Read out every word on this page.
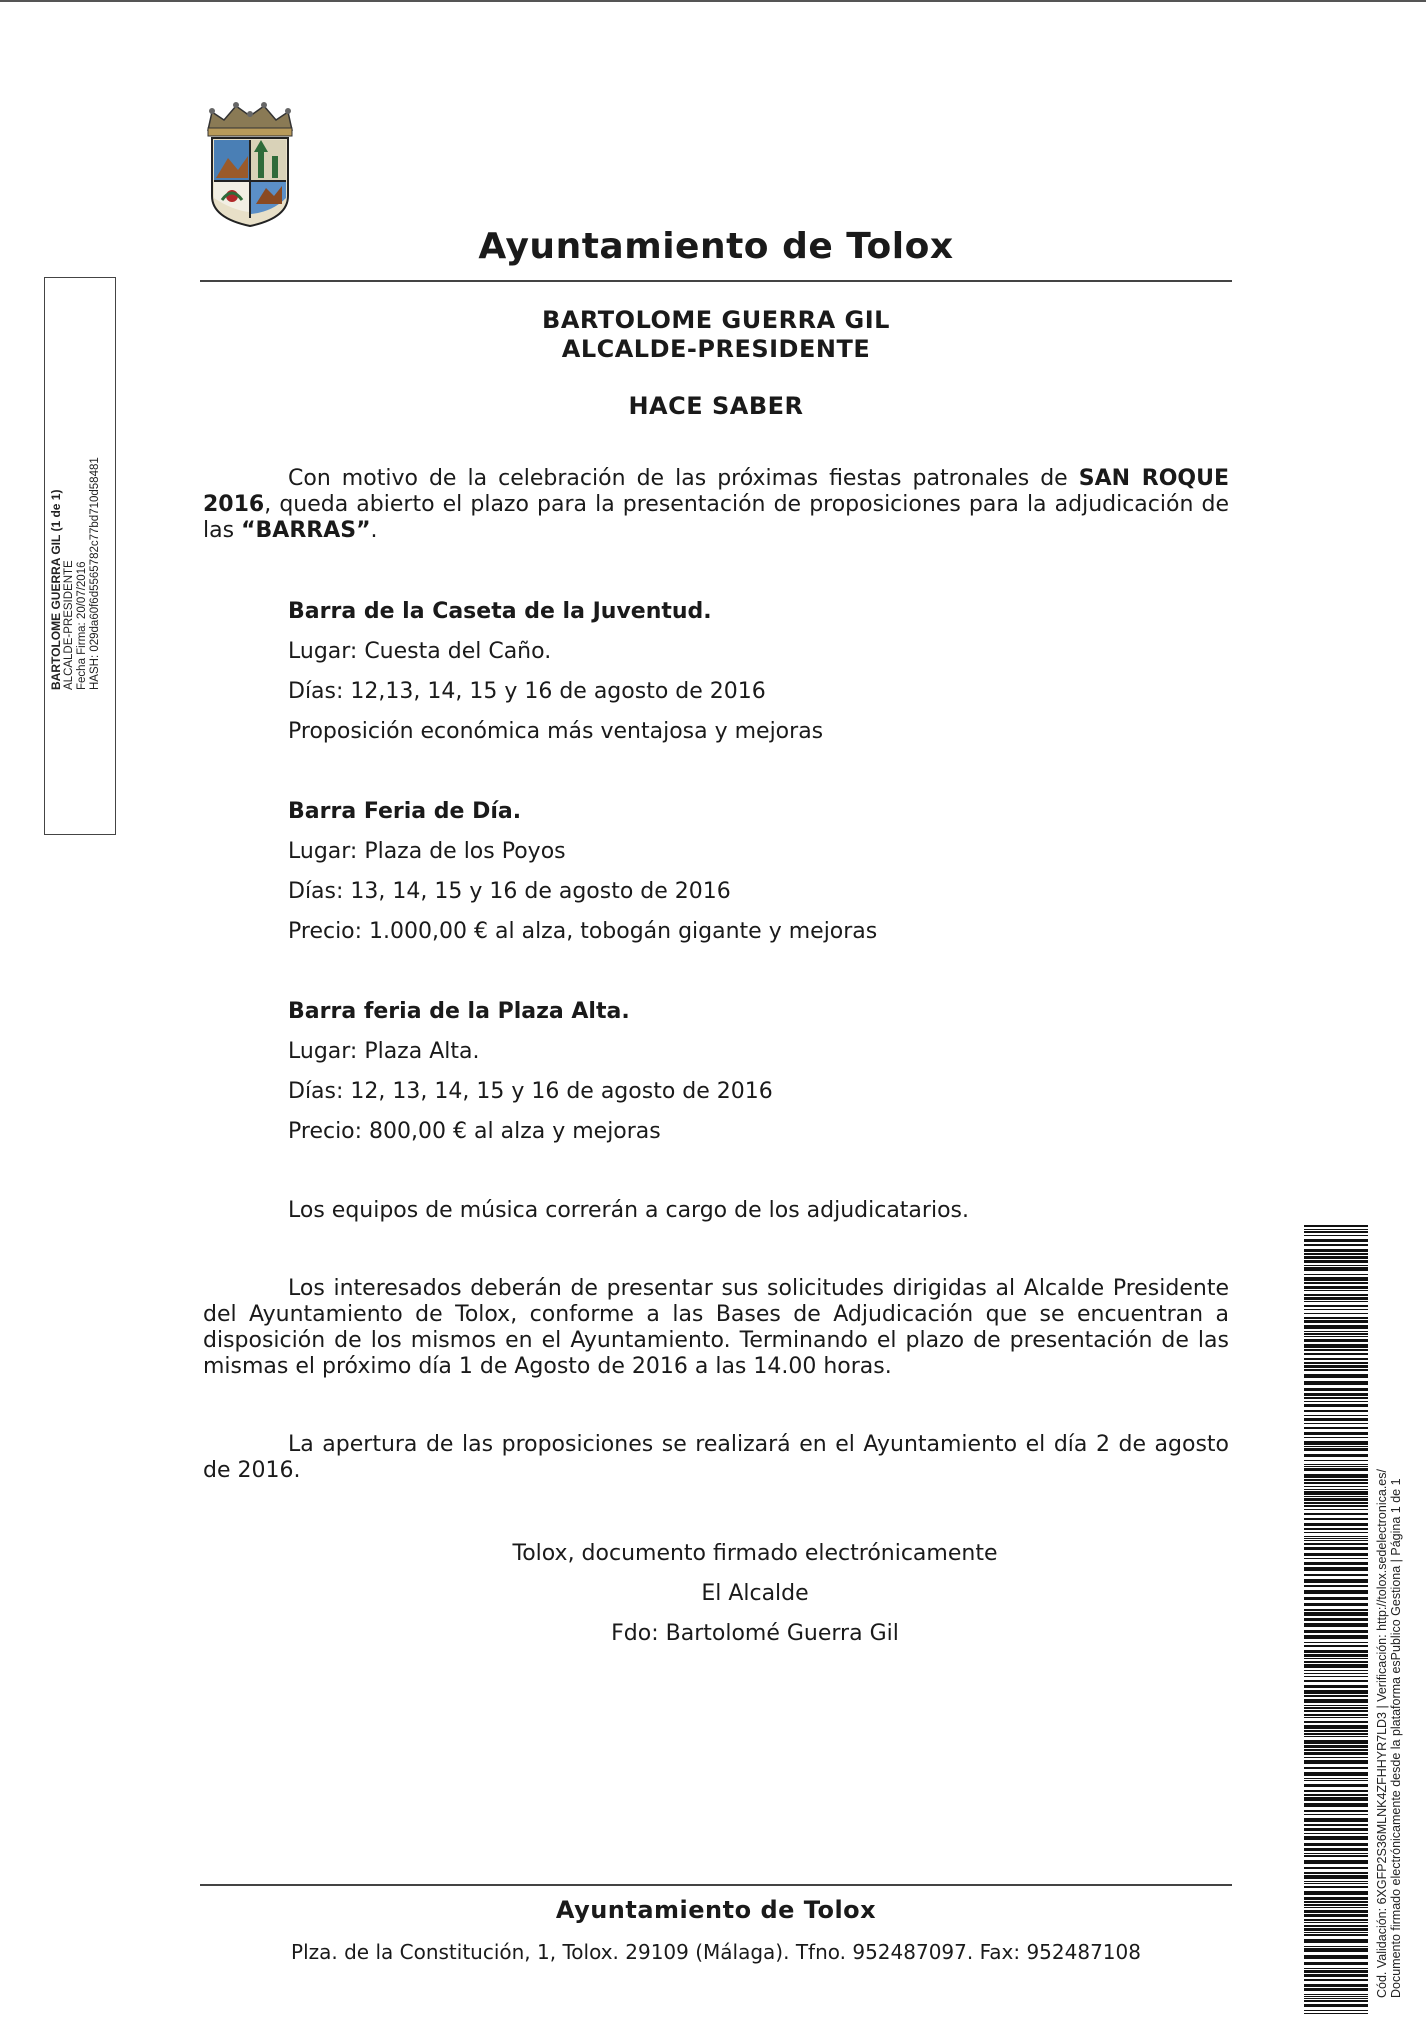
Ayuntamiento de Tolox
BARTOLOME GUERRA GIL
ALCALDE-PRESIDENTE
HACE SABER
Con motivo de la celebración de las próximas fiestas patronales de SAN ROQUE 2016, queda abierto el plazo para la presentación de proposiciones para la adjudicación de las “BARRAS”.

Barra de la Caseta de la Juventud.

Lugar: Cuesta del Caño.

Días: 12,13, 14, 15 y 16 de agosto de 2016

Proposición económica más ventajosa y mejoras

Barra Feria de Día.

Lugar: Plaza de los Poyos

Días: 13, 14, 15 y 16 de agosto de 2016

Precio: 1.000,00 € al alza, tobogán gigante y mejoras

Barra feria de la Plaza Alta.

Lugar: Plaza Alta.

Días: 12, 13, 14, 15 y 16 de agosto de 2016

Precio: 800,00 € al alza y mejoras

Los equipos de música correrán a cargo de los adjudicatarios.
Los interesados deberán de presentar sus solicitudes dirigidas al Alcalde Presidente del Ayuntamiento de Tolox, conforme a las Bases de Adjudicación que se encuentran a disposición de los mismos en el Ayuntamiento. Terminando el plazo de presentación de las mismas el próximo día 1 de Agosto de 2016 a las 14.00 horas.
La apertura de las proposiciones se realizará en el Ayuntamiento el día 2 de agosto de 2016.
Tolox, documento firmado electrónicamente
El Alcalde
Fdo: Bartolomé Guerra Gil
Ayuntamiento de Tolox
Plza. de la Constitución, 1, Tolox. 29109 (Málaga). Tfno. 952487097. Fax: 952487108
BARTOLOME GUERRA GIL (1 de 1) ALCALDE-PRESIDENTE Fecha Firma: 20/07/2016 HASH: 029da60f6d5565782c77bd710d58481
Cód. Validación: 6XGFP2S36MLNK4ZFHHYR7LD3 | Verificación: http://tolox.sedelectronica.es/ Documento firmado electrónicamente desde la plataforma esPublico Gestiona | Página 1 de 1
